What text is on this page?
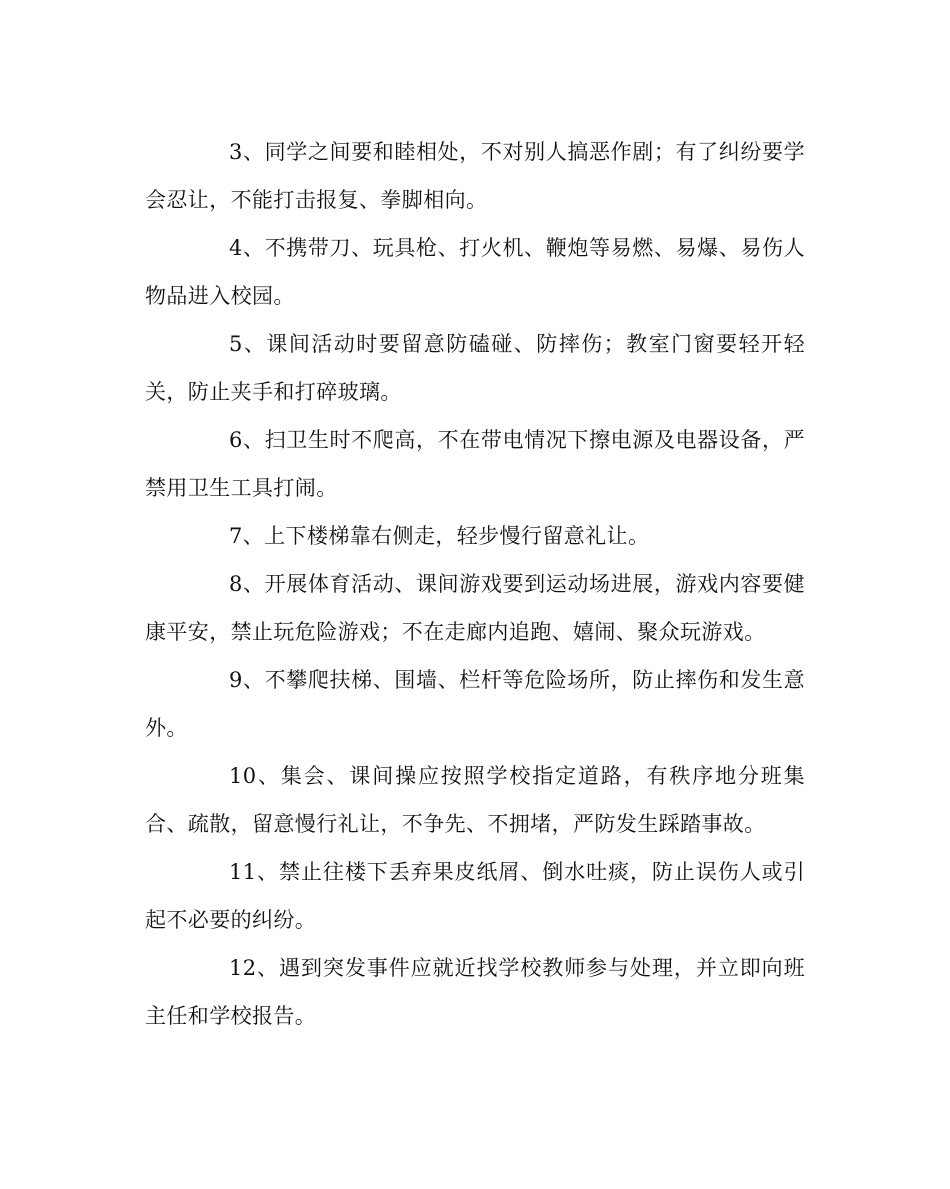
3、同学之间要和睦相处，不对别人搞恶作剧；有了纠纷要学会忍让，不能打击报复、拳脚相向。

4、不携带刀、玩具枪、打火机、鞭炮等易燃、易爆、易伤人物品进入校园。

5、课间活动时要留意防磕碰、防摔伤；教室门窗要轻开轻关，防止夹手和打碎玻璃。

6、扫卫生时不爬高，不在带电情况下擦电源及电器设备，严禁用卫生工具打闹。

7、上下楼梯靠右侧走，轻步慢行留意礼让。

8、开展体育活动、课间游戏要到运动场进展，游戏内容要健康平安，禁止玩危险游戏；不在走廊内追跑、嬉闹、聚众玩游戏。

9、不攀爬扶梯、围墙、栏杆等危险场所，防止摔伤和发生意外。

10、集会、课间操应按照学校指定道路，有秩序地分班集合、疏散，留意慢行礼让，不争先、不拥堵，严防发生踩踏事故。

11、禁止往楼下丢弃果皮纸屑、倒水吐痰，防止误伤人或引起不必要的纠纷。

12、遇到突发事件应就近找学校教师参与处理，并立即向班主任和学校报告。
